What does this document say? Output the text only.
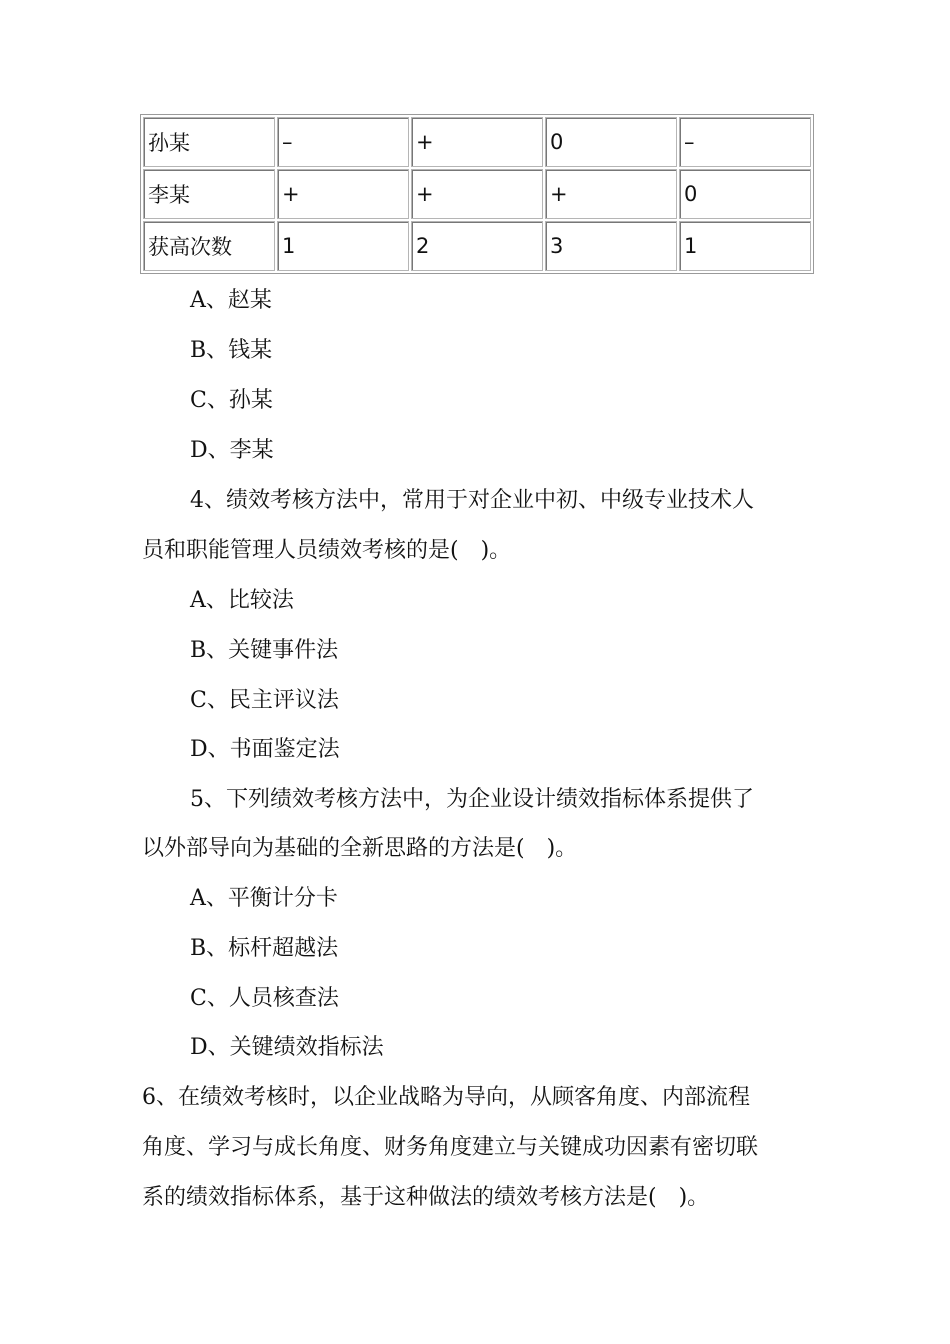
孙某	–	+	0	–
李某	+	+	+	0
获高次数	1	2	3	1
A、赵某
B、钱某
C、孙某
D、李某
4、绩效考核方法中，常用于对企业中初、中级专业技术人
员和职能管理人员绩效考核的是(　)。
A、比较法
B、关键事件法
C、民主评议法
D、书面鉴定法
5、下列绩效考核方法中，为企业设计绩效指标体系提供了
以外部导向为基础的全新思路的方法是(　)。
A、平衡计分卡
B、标杆超越法
C、人员核查法
D、关键绩效指标法
6、在绩效考核时，以企业战略为导向，从顾客角度、内部流程
角度、学习与成长角度、财务角度建立与关键成功因素有密切联
系的绩效指标体系，基于这种做法的绩效考核方法是(　)。
